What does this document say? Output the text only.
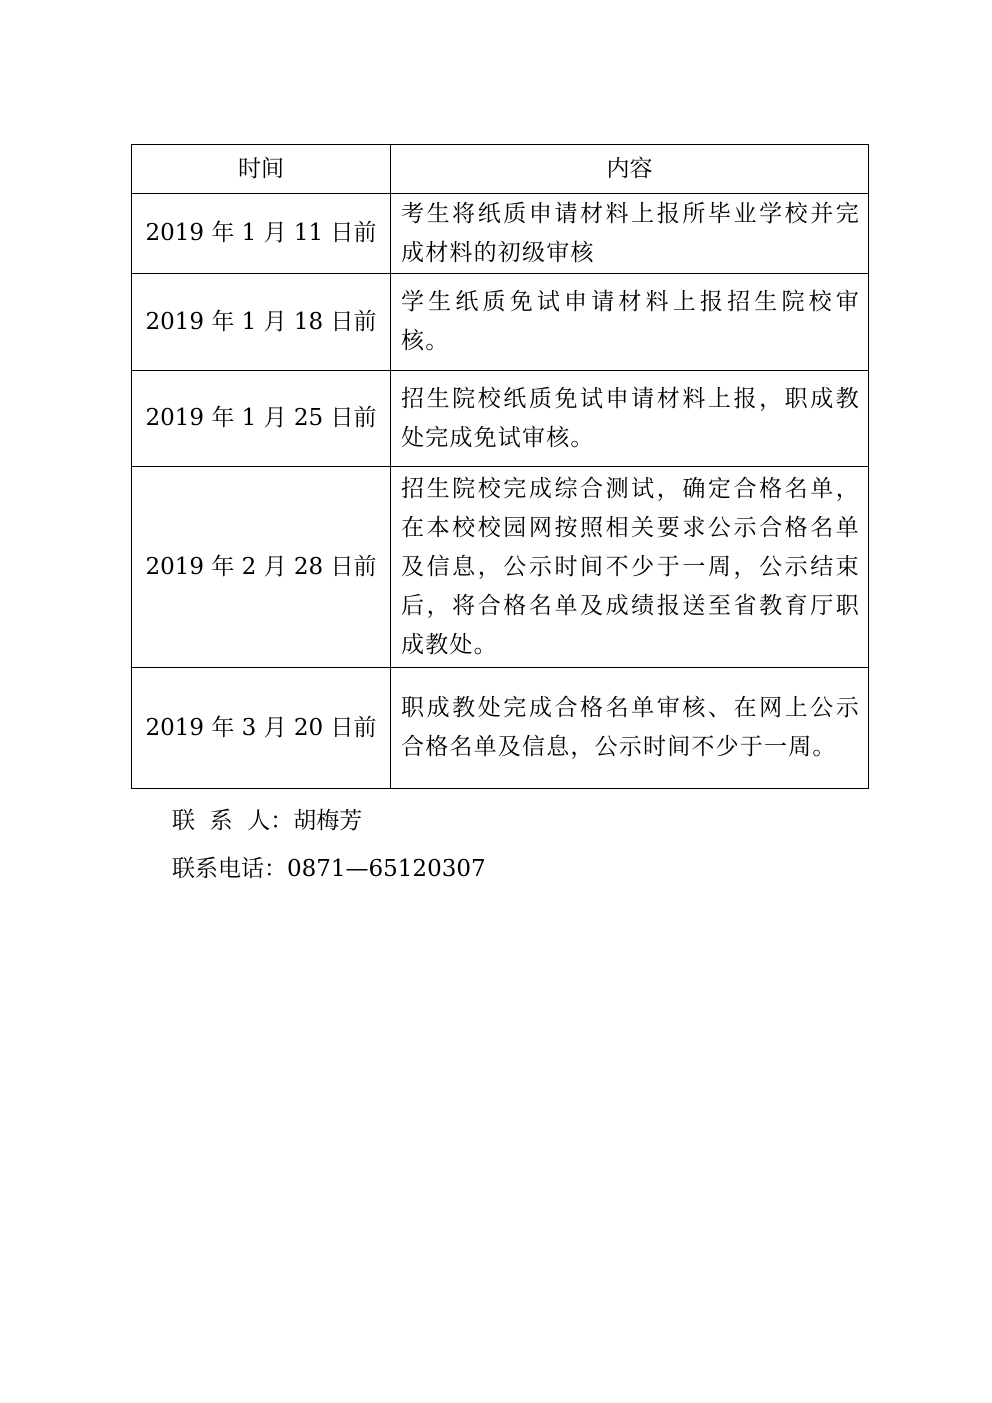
时间	内容
2019 年 1 月 11 日前	考生将纸质申请材料上报所毕业学校并完成材料的初级审核
2019 年 1 月 18 日前	学生纸质免试申请材料上报招生院校审核。
2019 年 1 月 25 日前	招生院校纸质免试申请材料上报，职成教处完成免试审核。
2019 年 2 月 28 日前	招生院校完成综合测试，确定合格名单，在本校校园网按照相关要求公示合格名单及信息，公示时间不少于一周，公示结束后，将合格名单及成绩报送至省教育厅职成教处。
2019 年 3 月 20 日前	职成教处完成合格名单审核、在网上公示合格名单及信息，公示时间不少于一周。
联  系  人：胡梅芳
联系电话：0871—65120307
